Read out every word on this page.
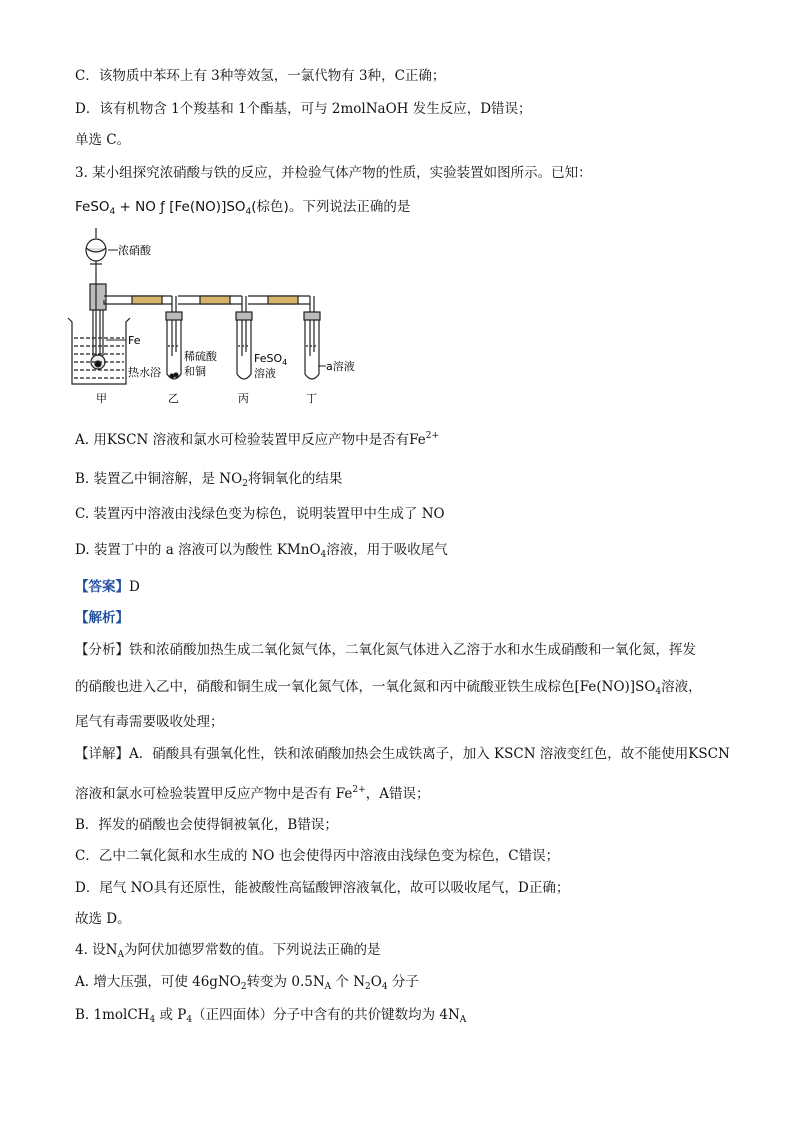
C．该物质中苯环上有 3种等效氢，一氯代物有 3种，C正确；
D．该有机物含 1个羧基和 1个酯基，可与 2molNaOH 发生反应，D错误；
单选 C。
3. 某小组探究浓硝酸与铁的反应，并检验气体产物的性质，实验装置如图所示。已知：
FeSO$_4$ + NO ƒ $[Fe(NO)]SO_4$(棕色)。下列说法正确的是
浓硝酸
Fe
热水浴
稀硫酸
和铜
FeSO$_4$
溶液
a溶液
甲	乙	丙	丁
A. 用KSCN 溶液和氯水可检验装置甲反应产物中是否有$Fe^{2+}$
B. 装置乙中铜溶解，是 $NO_2$将铜氧化的结果
C. 装置丙中溶液由浅绿色变为棕色，说明装置甲中生成了 NO
D. 装置丁中的 a 溶液可以为酸性 KMnO$_4$溶液，用于吸收尾气
【答案】D
【解析】
【分析】铁和浓硝酸加热生成二氧化氮气体，二氧化氮气体进入乙溶于水和水生成硝酸和一氧化氮，挥发
的硝酸也进入乙中，硝酸和铜生成一氧化氮气体，一氧化氮和丙中硫酸亚铁生成棕色$[Fe(NO)]SO_4$溶液，
尾气有毒需要吸收处理；
【详解】A．硝酸具有强氧化性，铁和浓硝酸加热会生成铁离子，加入 KSCN 溶液变红色，故不能使用KSCN
溶液和氯水可检验装置甲反应产物中是否有 $Fe^{2+}$，A错误；
B．挥发的硝酸也会使得铜被氧化，B错误；
C．乙中二氧化氮和水生成的 NO 也会使得丙中溶液由浅绿色变为棕色，C错误；
D．尾气 NO具有还原性，能被酸性高锰酸钾溶液氧化，故可以吸收尾气，D正确；
故选 D。
4. 设$N_A$为阿伏加德罗常数的值。下列说法正确的是
A. 增大压强，可使 46gNO$_2$转变为 $0.5N_A$ 个 $N_2O_4$ 分子
B. 1molCH$_4$ 或 $P_4$（正四面体）分子中含有的共价键数均为 $4N_A$
